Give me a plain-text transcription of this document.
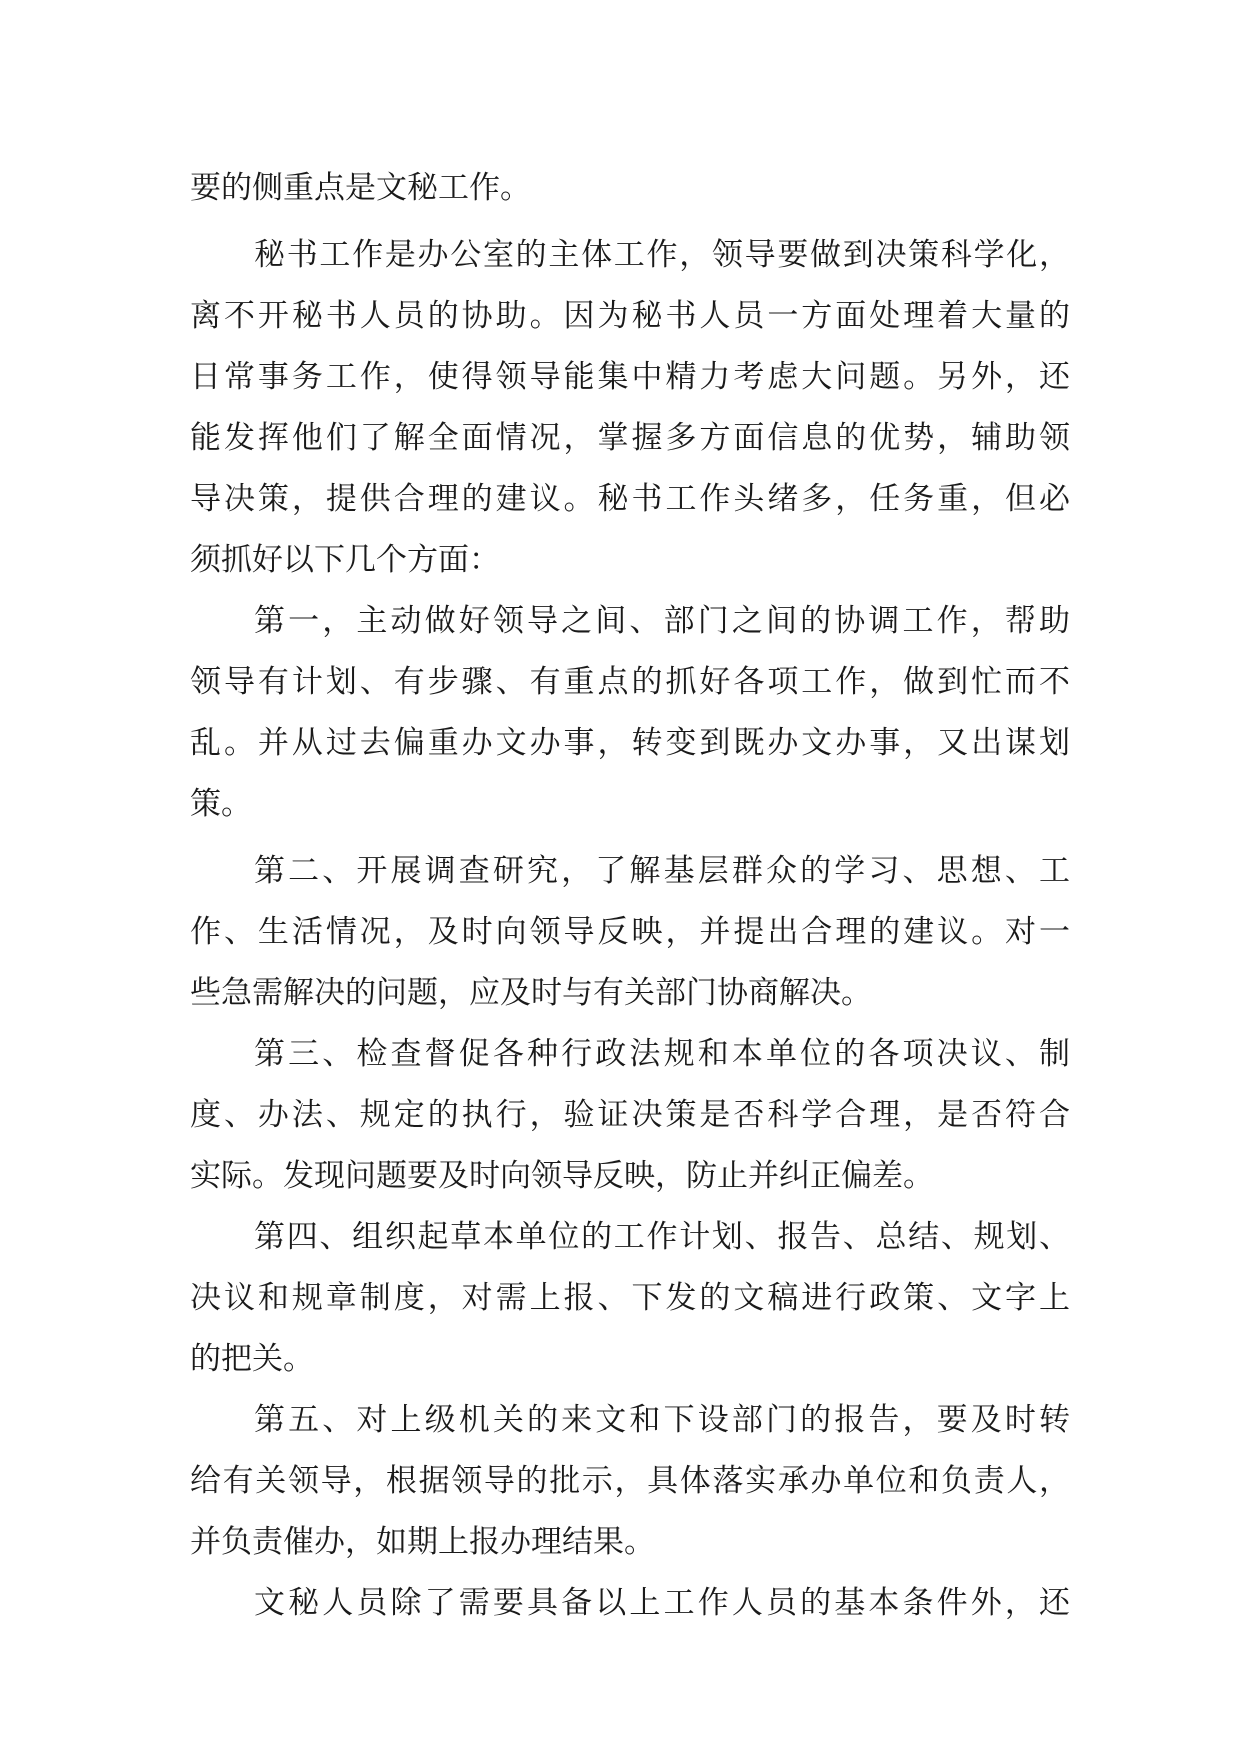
要的侧重点是文秘工作。
秘书工作是办公室的主体工作，领导要做到决策科学化，
离不开秘书人员的协助。因为秘书人员一方面处理着大量的
日常事务工作，使得领导能集中精力考虑大问题。另外，还
能发挥他们了解全面情况，掌握多方面信息的优势，辅助领
导决策，提供合理的建议。秘书工作头绪多，任务重，但必
须抓好以下几个方面：
第一，主动做好领导之间、部门之间的协调工作，帮助
领导有计划、有步骤、有重点的抓好各项工作，做到忙而不
乱。并从过去偏重办文办事，转变到既办文办事，又出谋划
策。
第二、开展调查研究，了解基层群众的学习、思想、工
作、生活情况，及时向领导反映，并提出合理的建议。对一
些急需解决的问题，应及时与有关部门协商解决。
第三、检查督促各种行政法规和本单位的各项决议、制
度、办法、规定的执行，验证决策是否科学合理，是否符合
实际。发现问题要及时向领导反映，防止并纠正偏差。
第四、组织起草本单位的工作计划、报告、总结、规划、
决议和规章制度，对需上报、下发的文稿进行政策、文字上
的把关。
第五、对上级机关的来文和下设部门的报告，要及时转
给有关领导，根据领导的批示，具体落实承办单位和负责人，
并负责催办，如期上报办理结果。
文秘人员除了需要具备以上工作人员的基本条件外，还
